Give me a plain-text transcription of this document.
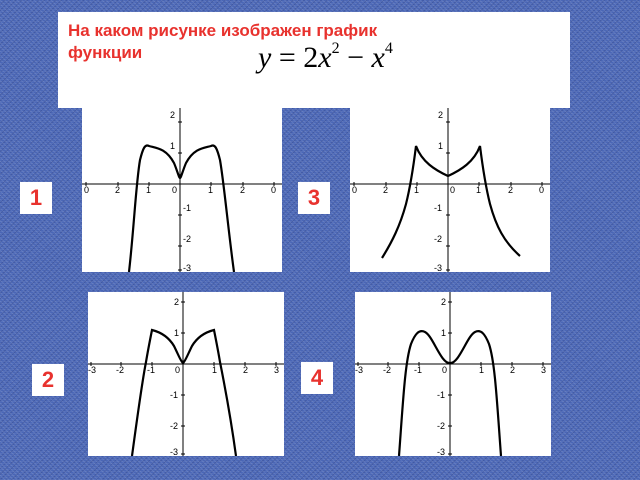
На каком рисунке изображен график функции	$y = 2x^2 - x^4$
0	2	1 0	1	2	0
2
1
-1
-2
-3
0	2	1	0 1	2	0
2
1
-1
-2
-3
-3 -2	-1 0	1	2	3
2
1
-1
-2
-3
-3 -2	-1 0	1	2	3
2
1
-1
-2
-3
1	3
2	4
